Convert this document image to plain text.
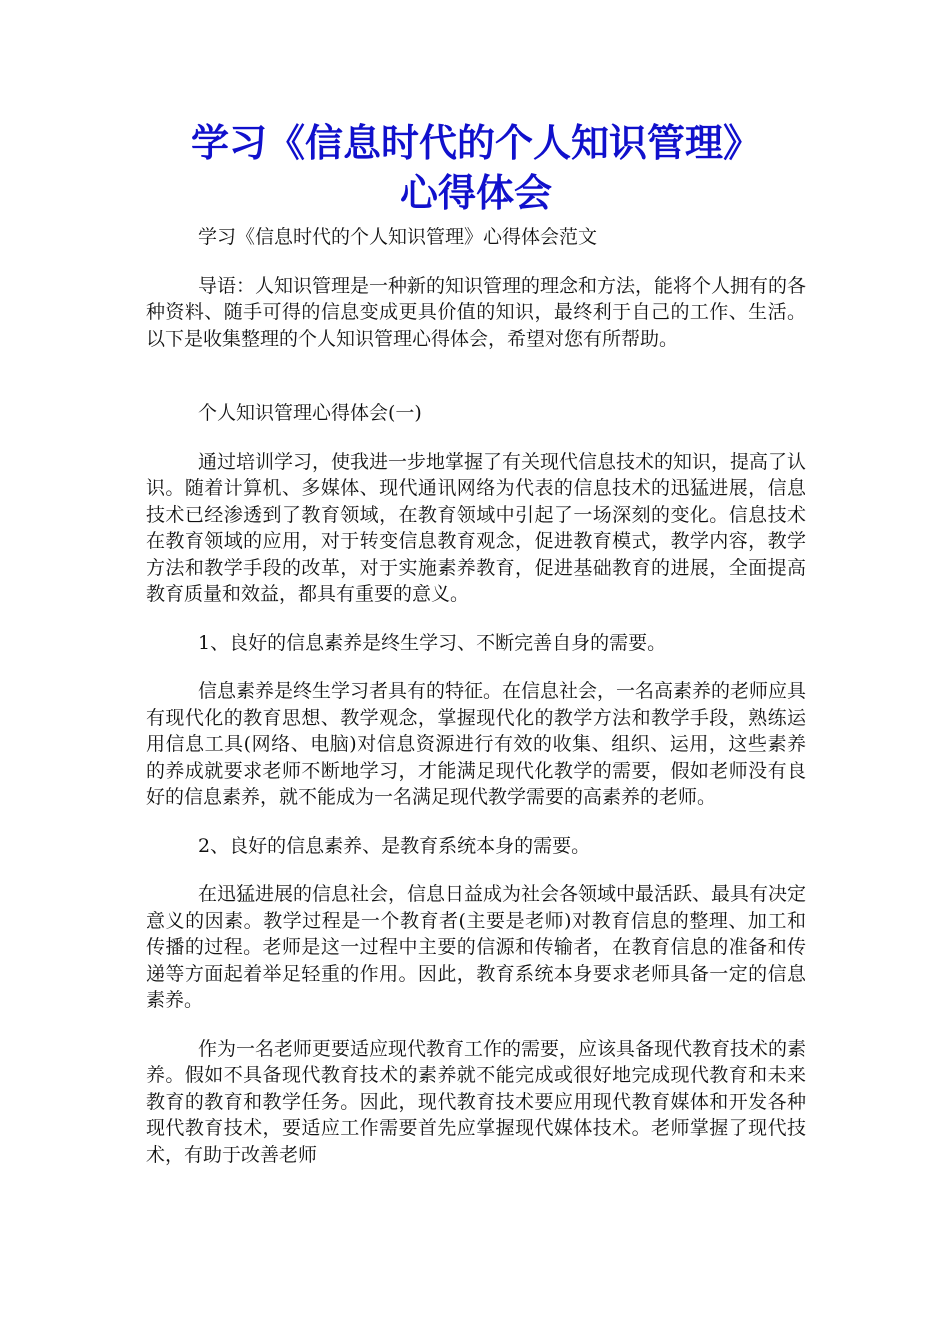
学习《信息时代的个人知识管理》
心得体会

学习《信息时代的个人知识管理》心得体会范文

导语：人知识管理是一种新的知识管理的理念和方法，能将个人拥有的各种资料、随手可得的信息变成更具价值的知识，最终利于自己的工作、生活。以下是收集整理的个人知识管理心得体会，希望对您有所帮助。

个人知识管理心得体会(一)

通过培训学习，使我进一步地掌握了有关现代信息技术的知识，提高了认识。随着计算机、多媒体、现代通讯网络为代表的信息技术的迅猛进展，信息技术已经渗透到了教育领域，在教育领域中引起了一场深刻的变化。信息技术在教育领域的应用，对于转变信息教育观念，促进教育模式，教学内容，教学方法和教学手段的改革，对于实施素养教育，促进基础教育的进展，全面提高教育质量和效益，都具有重要的意义。

1、良好的信息素养是终生学习、不断完善自身的需要。

信息素养是终生学习者具有的特征。在信息社会，一名高素养的老师应具有现代化的教育思想、教学观念，掌握现代化的教学方法和教学手段，熟练运用信息工具(网络、电脑)对信息资源进行有效的收集、组织、运用，这些素养的养成就要求老师不断地学习，才能满足现代化教学的需要，假如老师没有良好的信息素养，就不能成为一名满足现代教学需要的高素养的老师。

2、良好的信息素养、是教育系统本身的需要。

在迅猛进展的信息社会，信息日益成为社会各领域中最活跃、最具有决定意义的因素。教学过程是一个教育者(主要是老师)对教育信息的整理、加工和传播的过程。老师是这一过程中主要的信源和传输者，在教育信息的准备和传递等方面起着举足轻重的作用。因此，教育系统本身要求老师具备一定的信息素养。

作为一名老师更要适应现代教育工作的需要，应该具备现代教育技术的素养。假如不具备现代教育技术的素养就不能完成或很好地完成现代教育和未来教育的教育和教学任务。因此，现代教育技术要应用现代教育媒体和开发各种现代教育技术，要适应工作需要首先应掌握现代媒体技术。老师掌握了现代技术，有助于改善老师
